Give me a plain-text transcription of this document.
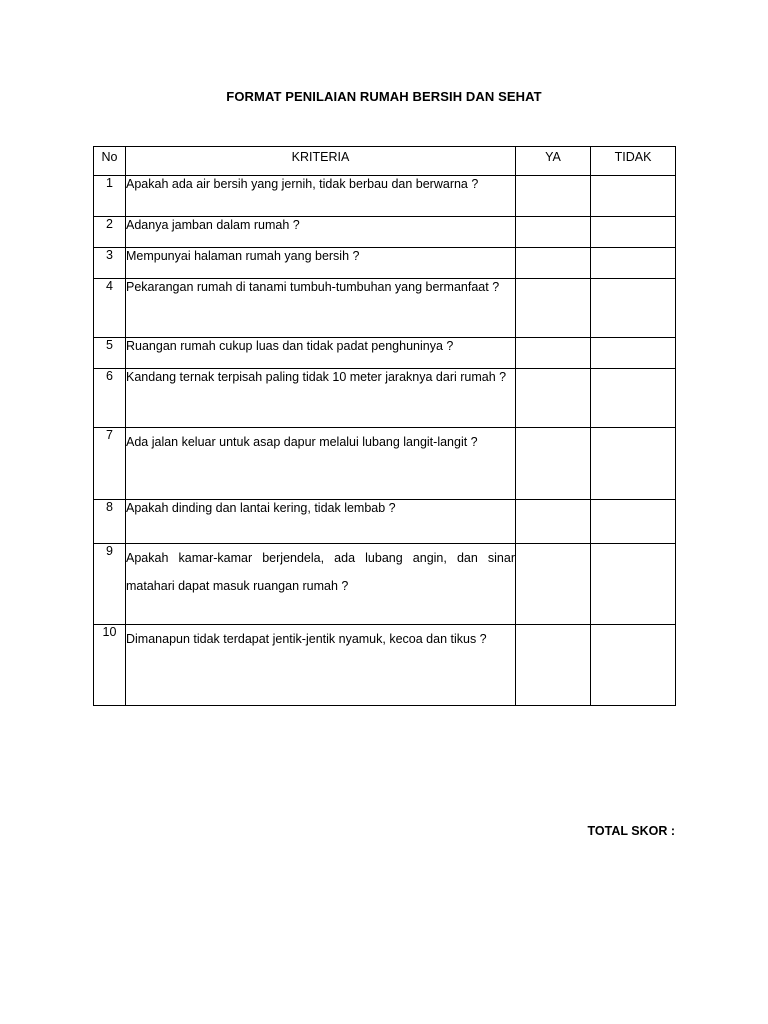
FORMAT PENILAIAN RUMAH BERSIH DAN SEHAT
No	KRITERIA	YA	TIDAK
1	Apakah ada air bersih yang jernih, tidak berbau dan berwarna ?		
2	Adanya jamban dalam rumah ?		
3	Mempunyai halaman rumah yang bersih ?		
4	Pekarangan rumah di tanami tumbuh-tumbuhan yang bermanfaat ?		
5	Ruangan rumah cukup luas dan tidak padat penghuninya ?		
6	Kandang ternak terpisah paling tidak 10 meter jaraknya dari rumah ?		
7	Ada jalan keluar untuk asap dapur melalui lubang langit-langit ?		
8	Apakah dinding dan lantai kering, tidak lembab ?		
9	Apakah kamar-kamar berjendela, ada lubang angin, dan sinar matahari dapat masuk ruangan rumah ?		
10	Dimanapun tidak terdapat jentik-jentik nyamuk, kecoa dan tikus ?		
TOTAL SKOR :
